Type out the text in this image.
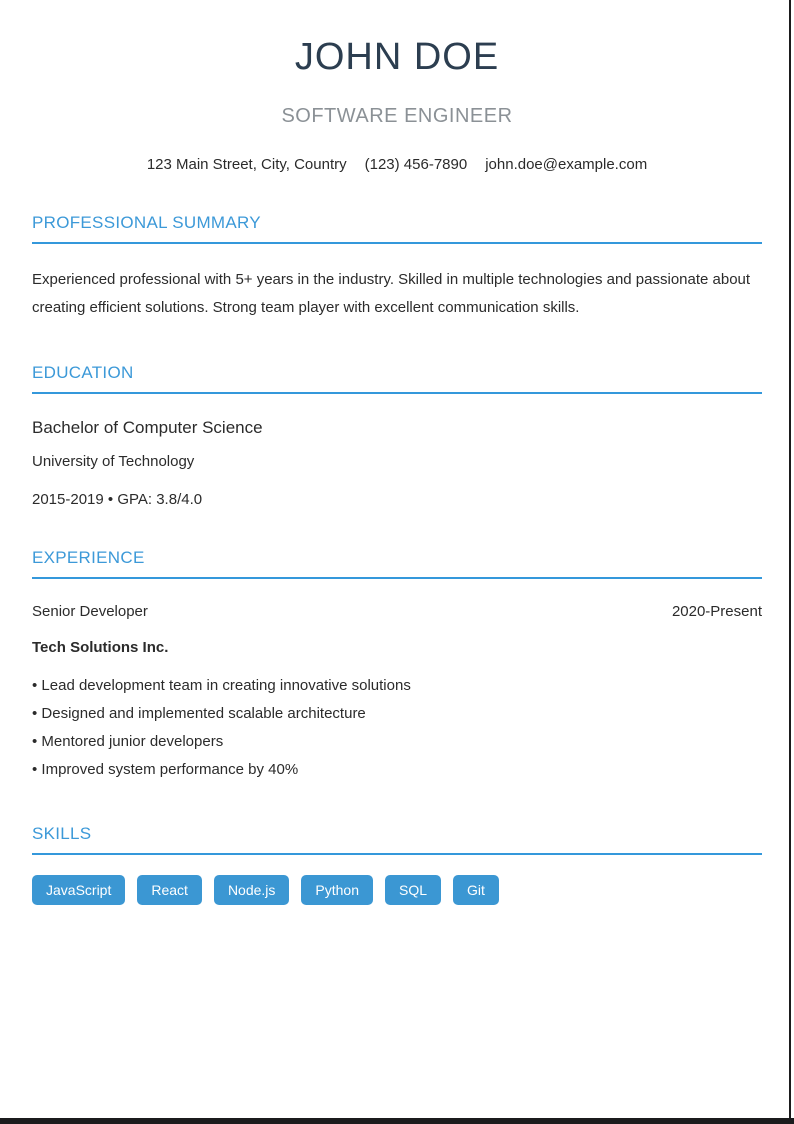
JOHN DOE
SOFTWARE ENGINEER
123 Main Street, City, Country (123) 456-7890 john.doe@example.com
PROFESSIONAL SUMMARY

Experienced professional with 5+ years in the industry. Skilled in multiple technologies and passionate about creating efficient solutions. Strong team player with excellent communication skills.

EDUCATION
Bachelor of Computer Science
University of Technology
2015-2019 • GPA: 3.8/4.0
EXPERIENCE
Senior Developer	2020-Present
Tech Solutions Inc.
• Lead development team in creating innovative solutions
• Designed and implemented scalable architecture
• Mentored junior developers
• Improved system performance by 40%
SKILLS
JavaScript	React	Node.js	Python	SQL	Git
